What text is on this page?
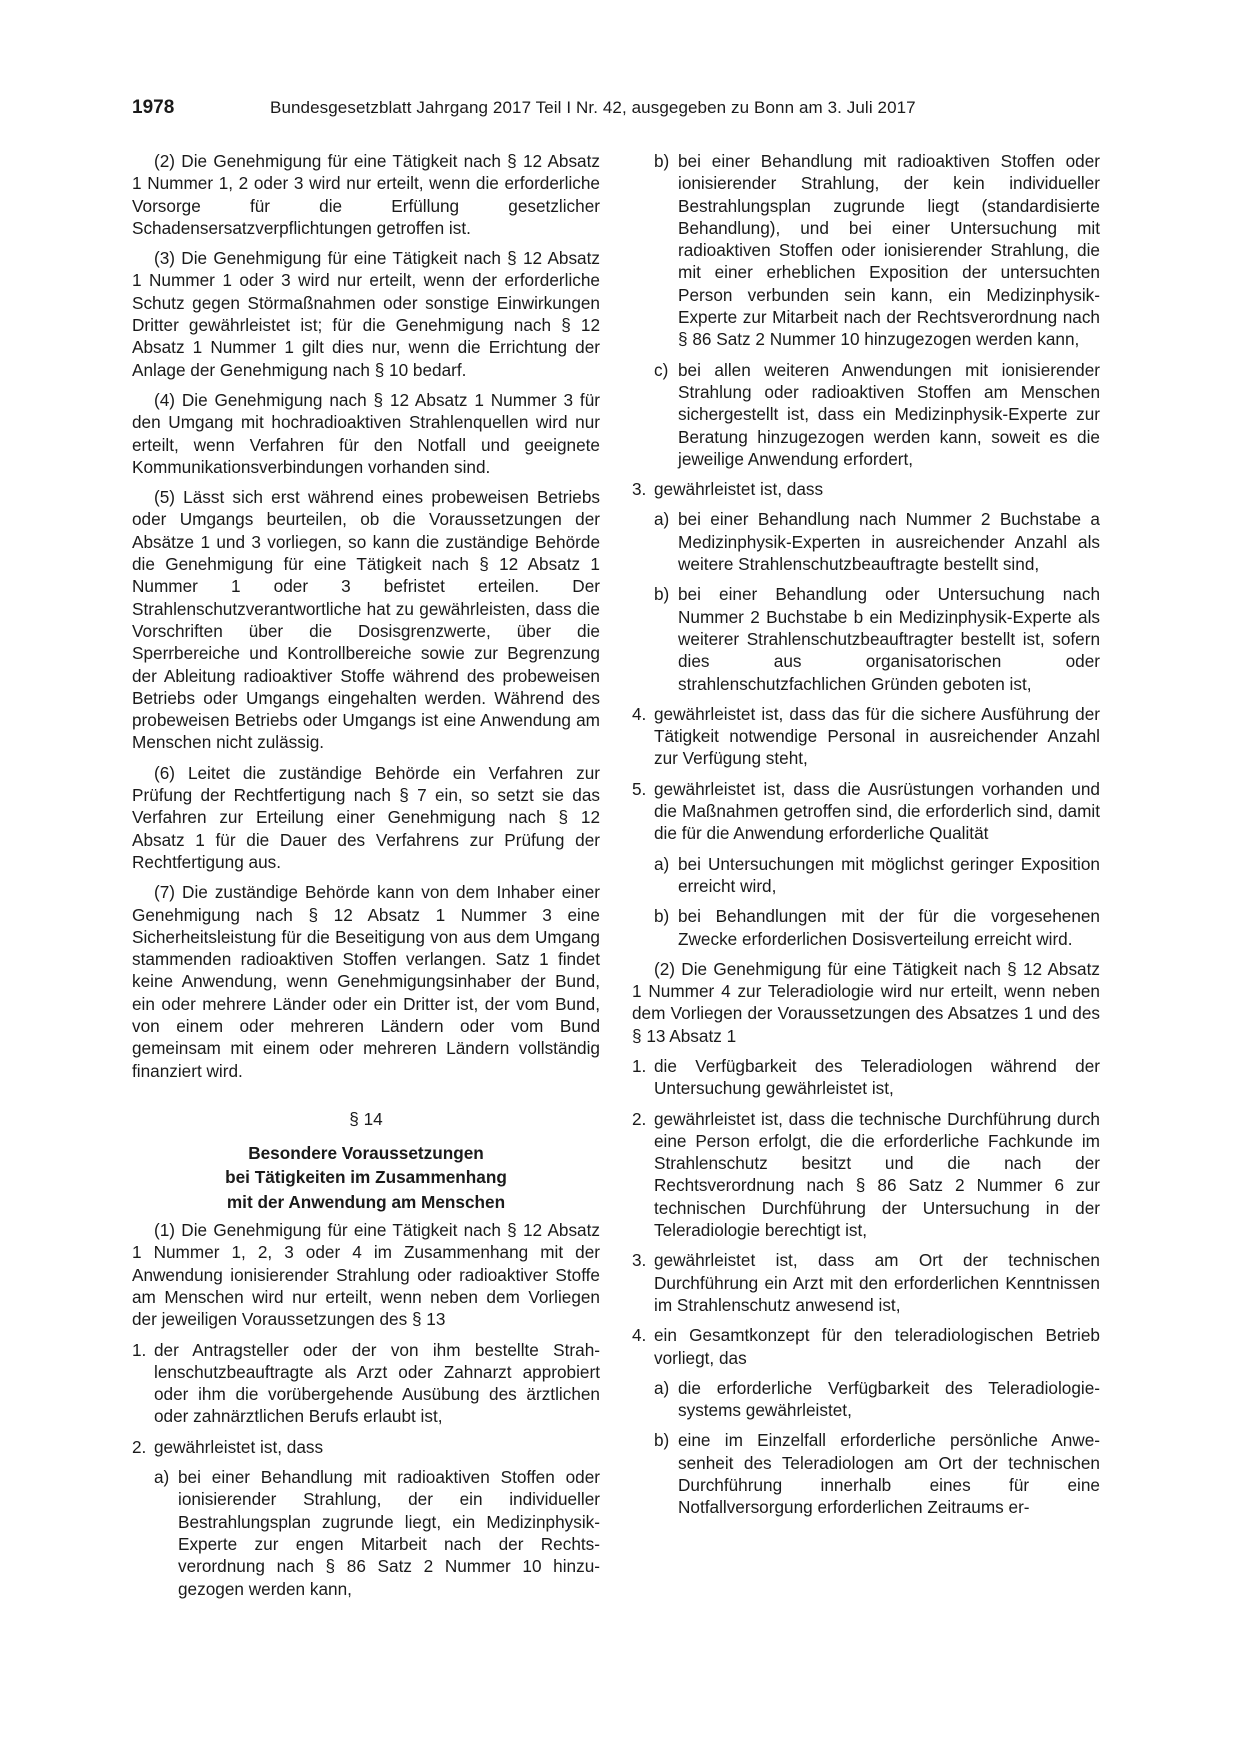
1978	Bundesgesetzblatt Jahrgang 2017 Teil I Nr. 42, ausgegeben zu Bonn am 3. Juli 2017

(2) Die Genehmigung für eine Tätigkeit nach § 12 Absatz 1 Nummer 1, 2 oder 3 wird nur erteilt, wenn die erforderliche Vorsorge für die Erfüllung gesetzlicher Schadensersatzverpflichtungen getroffen ist.

(3) Die Genehmigung für eine Tätigkeit nach § 12 Absatz 1 Nummer 1 oder 3 wird nur erteilt, wenn der erforderliche Schutz gegen Störmaßnahmen oder sonstige Einwirkungen Dritter gewährleistet ist; für die Genehmigung nach § 12 Absatz 1 Nummer 1 gilt dies nur, wenn die Errichtung der Anlage der Genehmigung nach § 10 bedarf.

(4) Die Genehmigung nach § 12 Absatz 1 Nummer 3 für den Umgang mit hochradioaktiven Strahlenquellen wird nur erteilt, wenn Verfahren für den Notfall und geeignete Kommunikationsverbindungen vorhanden sind.

(5) Lässt sich erst während eines probeweisen Betriebs oder Umgangs beurteilen, ob die Voraussetzungen der Absätze 1 und 3 vorliegen, so kann die zuständige Behörde die Genehmigung für eine Tätigkeit nach § 12 Absatz 1 Nummer 1 oder 3 befristet erteilen. Der Strahlenschutzverantwortliche hat zu gewährleisten, dass die Vorschriften über die Dosisgrenzwerte, über die Sperrbereiche und Kontrollbereiche sowie zur Begrenzung der Ableitung radioaktiver Stoffe während des probeweisen Betriebs oder Umgangs eingehalten werden. Während des probeweisen Betriebs oder Umgangs ist eine Anwendung am Menschen nicht zulässig.

(6) Leitet die zuständige Behörde ein Verfahren zur Prüfung der Rechtfertigung nach § 7 ein, so setzt sie das Verfahren zur Erteilung einer Genehmigung nach § 12 Absatz 1 für die Dauer des Verfahrens zur Prüfung der Rechtfertigung aus.

(7) Die zuständige Behörde kann von dem Inhaber einer Genehmigung nach § 12 Absatz 1 Nummer 3 eine Sicherheitsleistung für die Beseitigung von aus dem Umgang stammenden radioaktiven Stoffen verlangen. Satz 1 findet keine Anwendung, wenn Genehmigungsinhaber der Bund, ein oder mehrere Länder oder ein Dritter ist, der vom Bund, von einem oder mehreren Ländern oder vom Bund gemeinsam mit einem oder mehreren Ländern vollständig finanziert wird.

§ 14
Besondere Voraussetzungen
bei Tätigkeiten im Zusammenhang
mit der Anwendung am Menschen

(1) Die Genehmigung für eine Tätigkeit nach § 12 Absatz 1 Nummer 1, 2, 3 oder 4 im Zusammenhang mit der Anwendung ionisierender Strahlung oder radioaktiver Stoffe am Menschen wird nur erteilt, wenn neben dem Vorliegen der jeweiligen Voraussetzungen des § 13

1. der Antragsteller oder der von ihm bestellte Strahlenschutzbeauftragte als Arzt oder Zahnarzt approbiert oder ihm die vorübergehende Ausübung des ärztlichen oder zahnärztlichen Berufs erlaubt ist,
2. gewährleistet ist, dass
a) bei einer Behandlung mit radioaktiven Stoffen oder ionisierender Strahlung, der ein individueller Bestrahlungsplan zugrunde liegt, ein Medizinphysik-Experte zur engen Mitarbeit nach der Rechtsverordnung nach § 86 Satz 2 Nummer 10 hinzugezogen werden kann,
b) bei einer Behandlung mit radioaktiven Stoffen oder ionisierender Strahlung, der kein individueller Bestrahlungsplan zugrunde liegt (standardisierte Behandlung), und bei einer Untersuchung mit radioaktiven Stoffen oder ionisierender Strahlung, die mit einer erheblichen Exposition der untersuchten Person verbunden sein kann, ein Medizinphysik-Experte zur Mitarbeit nach der Rechtsverordnung nach § 86 Satz 2 Nummer 10 hinzugezogen werden kann,
c) bei allen weiteren Anwendungen mit ionisierender Strahlung oder radioaktiven Stoffen am Menschen sichergestellt ist, dass ein Medizinphysik-Experte zur Beratung hinzugezogen werden kann, soweit es die jeweilige Anwendung erfordert,
3. gewährleistet ist, dass
a) bei einer Behandlung nach Nummer 2 Buchstabe a Medizinphysik-Experten in ausreichender Anzahl als weitere Strahlenschutzbeauftragte bestellt sind,
b) bei einer Behandlung oder Untersuchung nach Nummer 2 Buchstabe b ein Medizinphysik-Experte als weiterer Strahlenschutzbeauftragter bestellt ist, sofern dies aus organisatorischen oder strahlenschutzfachlichen Gründen geboten ist,
4. gewährleistet ist, dass das für die sichere Ausführung der Tätigkeit notwendige Personal in ausreichender Anzahl zur Verfügung steht,
5. gewährleistet ist, dass die Ausrüstungen vorhanden und die Maßnahmen getroffen sind, die erforderlich sind, damit die für die Anwendung erforderliche Qualität
a) bei Untersuchungen mit möglichst geringer Exposition erreicht wird,
b) bei Behandlungen mit der für die vorgesehenen Zwecke erforderlichen Dosisverteilung erreicht wird.

(2) Die Genehmigung für eine Tätigkeit nach § 12 Absatz 1 Nummer 4 zur Teleradiologie wird nur erteilt, wenn neben dem Vorliegen der Voraussetzungen des Absatzes 1 und des § 13 Absatz 1

1. die Verfügbarkeit des Teleradiologen während der Untersuchung gewährleistet ist,
2. gewährleistet ist, dass die technische Durchführung durch eine Person erfolgt, die die erforderliche Fachkunde im Strahlenschutz besitzt und die nach der Rechtsverordnung nach § 86 Satz 2 Nummer 6 zur technischen Durchführung der Untersuchung in der Teleradiologie berechtigt ist,
3. gewährleistet ist, dass am Ort der technischen Durchführung ein Arzt mit den erforderlichen Kenntnissen im Strahlenschutz anwesend ist,
4. ein Gesamtkonzept für den teleradiologischen Betrieb vorliegt, das
a) die erforderliche Verfügbarkeit des Teleradiologiesystems gewährleistet,
b) eine im Einzelfall erforderliche persönliche Anwesenheit des Teleradiologen am Ort der technischen Durchführung innerhalb eines für eine Notfallversorgung erforderlichen Zeitraums er-
